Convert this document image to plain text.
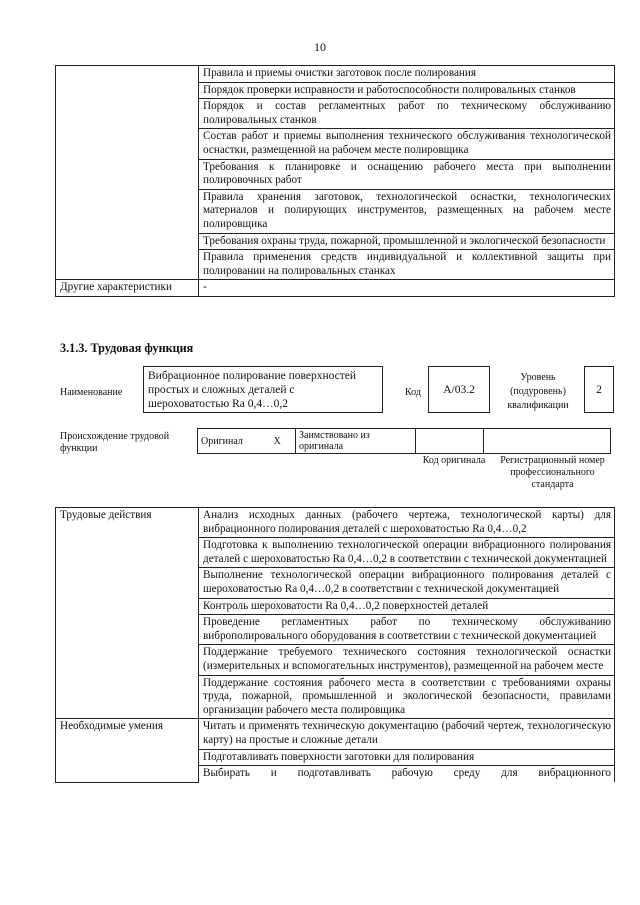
10
	Правила и приемы очистки заготовок после полирования
	Порядок проверки исправности и работоспособности полировальных станков
	Порядок и состав регламентных работ по техническому обслуживанию полировальных станков
	Состав работ и приемы выполнения технического обслуживания технологической оснастки, размещенной на рабочем месте полировщика
	Требования к планировке и оснащению рабочего места при выполнении полировочных работ
	Правила хранения заготовок, технологической оснастки, технологических материалов и полирующих инструментов, размещенных на рабочем месте полировщика
	Требования охраны труда, пожарной, промышленной и экологической безопасности
	Правила применения средств индивидуальной и коллективной защиты при полировании на полировальных станках
Другие характеристики	-
3.1.3. Трудовая функция
Наименование
Вибрационное полирование поверхностей простых и сложных деталей с шероховатостью Ra 0,4…0,2
Код	А/03.2
Уровень (подуровень) квалификации
2
Происхождение трудовой функции
Оригинал	X	Заимствовано из оригинала		
Код оригинала	Регистрационный номер профессионального стандарта
Трудовые действия	Анализ исходных данных (рабочего чертежа, технологической карты) для вибрационного полирования деталей с шероховатостью Ra 0,4…0,2
	Подготовка к выполнению технологической операции вибрационного полирования деталей с шероховатостью Ra 0,4…0,2 в соответствии с технической документацией
	Выполнение технологической операции вибрационного полирования деталей с шероховатостью Ra 0,4…0,2 в соответствии с технической документацией
	Контроль шероховатости Ra 0,4…0,2 поверхностей деталей
	Проведение регламентных работ по техническому обслуживанию виброполировального оборудования в соответствии с технической документацией
	Поддержание требуемого технического состояния технологической оснастки (измерительных и вспомогательных инструментов), размещенной на рабочем месте
	Поддержание состояния рабочего места в соответствии с требованиями охраны труда, пожарной, промышленной и экологической безопасности, правилами организации рабочего места полировщика
Необходимые умения	Читать и применять техническую документацию (рабочий чертеж, технологическую карту) на простые и сложные детали
	Подготавливать поверхности заготовки для полирования

	Выбирать и подготавливать рабочую среду для вибрационного
